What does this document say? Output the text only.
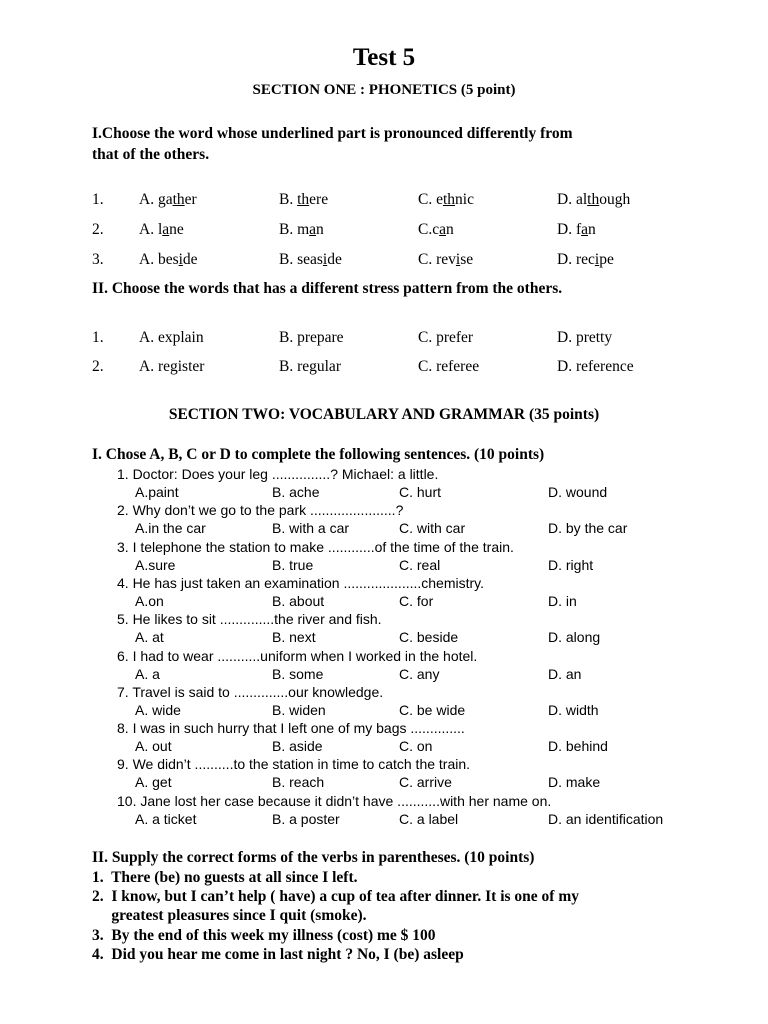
Test 5
SECTION ONE : PHONETICS (5 point)
I.Choose the word whose underlined part is pronounced differently from
that of the others.
1. A. gather	B. there	C. ethnic	D. although
2. A. lane	B. man	C.can	D. fan
3. A. beside	B. seaside	C. revise	D. recipe
II. Choose the words that has a different stress pattern from the others.
1. A. explain	B. prepare	C. prefer	D. pretty
2. A. register	B. regular	C. referee	D. reference
SECTION TWO: VOCABULARY AND GRAMMAR (35 points)
I. Chose A, B, C or D to complete the following sentences. (10 points)
1. Doctor: Does your leg ...............? Michael: a little.
A.paint	B. ache	C. hurt	D. wound
2. Why don’t we go to the park ......................?
A.in the car	B. with a car	C. with car	D. by the car
3. I telephone the station to make ............of the time of the train.
A.sure	B. true	C. real	D. right
4. He has just taken an examination ....................chemistry.
A.on	B. about	C. for	D. in
5. He likes to sit ..............the river and fish.
A. at	B. next	C. beside	D. along
6. I had to wear ...........uniform when I worked in the hotel.
A. a	B. some	C. any	D. an
7. Travel is said to ..............our knowledge.
A. wide	B. widen	C. be wide	D. width
8. I was in such hurry that I left one of my bags ..............
A. out	B. aside	C. on	D. behind
9. We didn’t ..........to the station in time to catch the train.
A. get	B. reach	C. arrive	D. make
10. Jane lost her case because it didn’t have ...........with her name on.
A. a ticket	B. a poster	C. a label	D. an identification
II. Supply the correct forms of the verbs in parentheses. (10 points)
1.  There (be) no guests at all since I left.
2.  I know, but I can’t help ( have) a cup of tea after dinner. It is one of my
greatest pleasures since I quit (smoke).
3.  By the end of this week my illness (cost) me $ 100
4.  Did you hear me come in last night ? No, I (be) asleep
